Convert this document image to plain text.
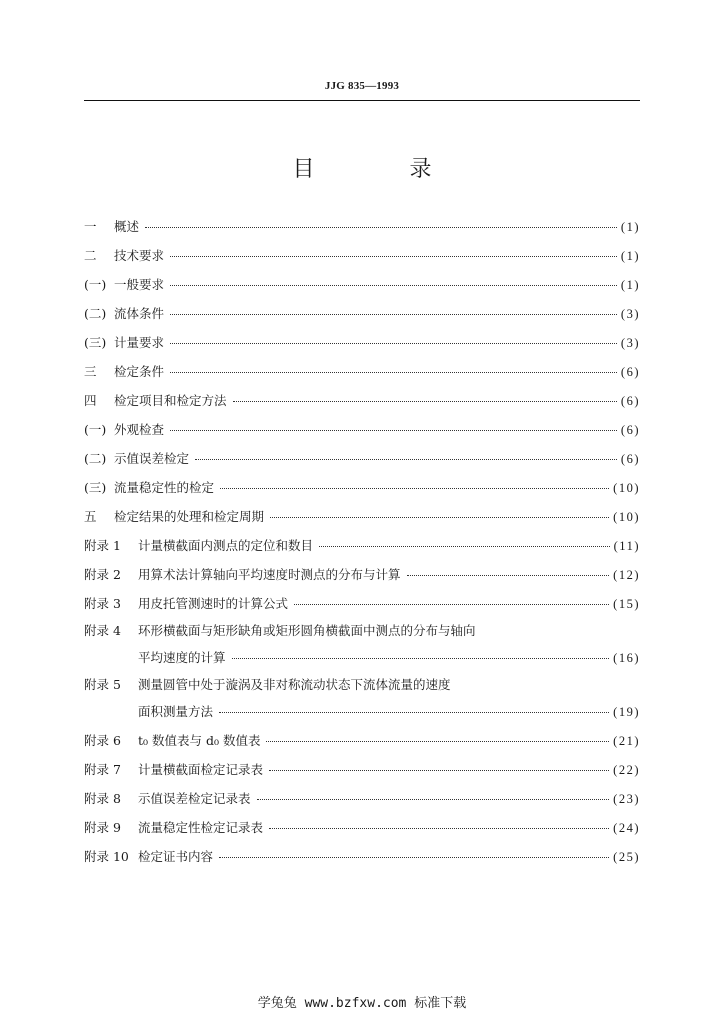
JJG 835—1993
目 录
一	概述	(1)
二	技术要求	(1)
(一) 一般要求	(1)
(二) 流体条件	(3)
(三) 计量要求	(3)
三	检定条件	(6)
四	检定项目和检定方法	(6)
(一) 外观检查	(6)
(二) 示值误差检定	(6)
(三) 流量稳定性的检定	(10)
五	检定结果的处理和检定周期	(10)
附录 1	计量横截面内测点的定位和数目	(11)
附录 2	用算术法计算轴向平均速度时测点的分布与计算	(12)
附录 3	用皮托管测速时的计算公式	(15)
附录 4	环形横截面与矩形缺角或矩形圆角横截面中测点的分布与轴向
平均速度的计算	(16)
附录 5	测量圆管中处于漩涡及非对称流动状态下流体流量的速度
面积测量方法	(19)
附录 6	t₀ 数值表与 d₀ 数值表	(21)
附录 7	计量横截面检定记录表	(22)
附录 8	示值误差检定记录表	(23)
附录 9	流量稳定性检定记录表	(24)
附录 10 检定证书内容	(25)
学兔兔 www.bzfxw.com 标准下载
